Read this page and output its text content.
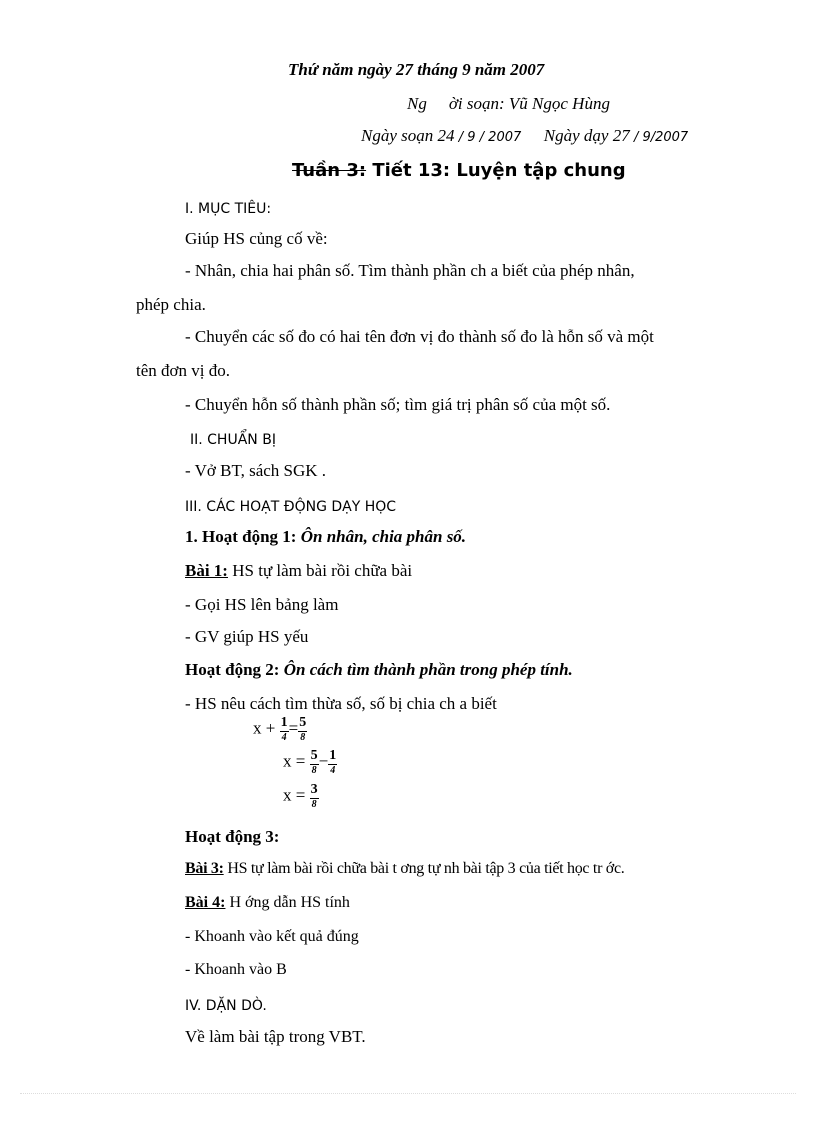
Thứ năm ngày 27 tháng 9 năm 2007
Ng ời soạn: Vũ Ngọc Hùng
Ngày soạn 24 / 9 / 2007 Ngày dạy 27 / 9/2007
Tuần 3: Tiết 13: Luyện tập chung
I. MỤC TIÊU:
Giúp HS củng cố về:
- Nhân, chia hai phân số. Tìm thành phần ch a biết của phép nhân,
phép chia.
- Chuyển các số đo có hai tên đơn vị đo thành số đo là hỗn số và một
tên đơn vị đo.
- Chuyển hỗn số thành phần số; tìm giá trị phân số của một số.
II. CHUẨN BỊ
- Vở BT, sách SGK .
III. CÁC HOẠT ĐỘNG DẠY HỌC
1. Hoạt động 1: Ôn nhân, chia phân số.
Bài 1: HS tự làm bài rồi chữa bài
- Gọi HS lên bảng làm
- GV giúp HS yếu
Hoạt động 2: Ôn cách tìm thành phần trong phép tính.
- HS nêu cách tìm thừa số, số bị chia ch a biết
$x + \frac{1}{4} = \frac{5}{8}$
$x = \frac{5}{8} - \frac{1}{4}$
$x = \frac{3}{8}$
Hoạt động 3:
Bài 3: HS tự làm bài rồi chữa bài t ơng tự nh bài tập 3 của tiết học tr ớc.
Bài 4: H ớng dẫn HS tính
- Khoanh vào kết quả đúng
- Khoanh vào B
IV. DẶN DÒ.
Về làm bài tập trong VBT.
